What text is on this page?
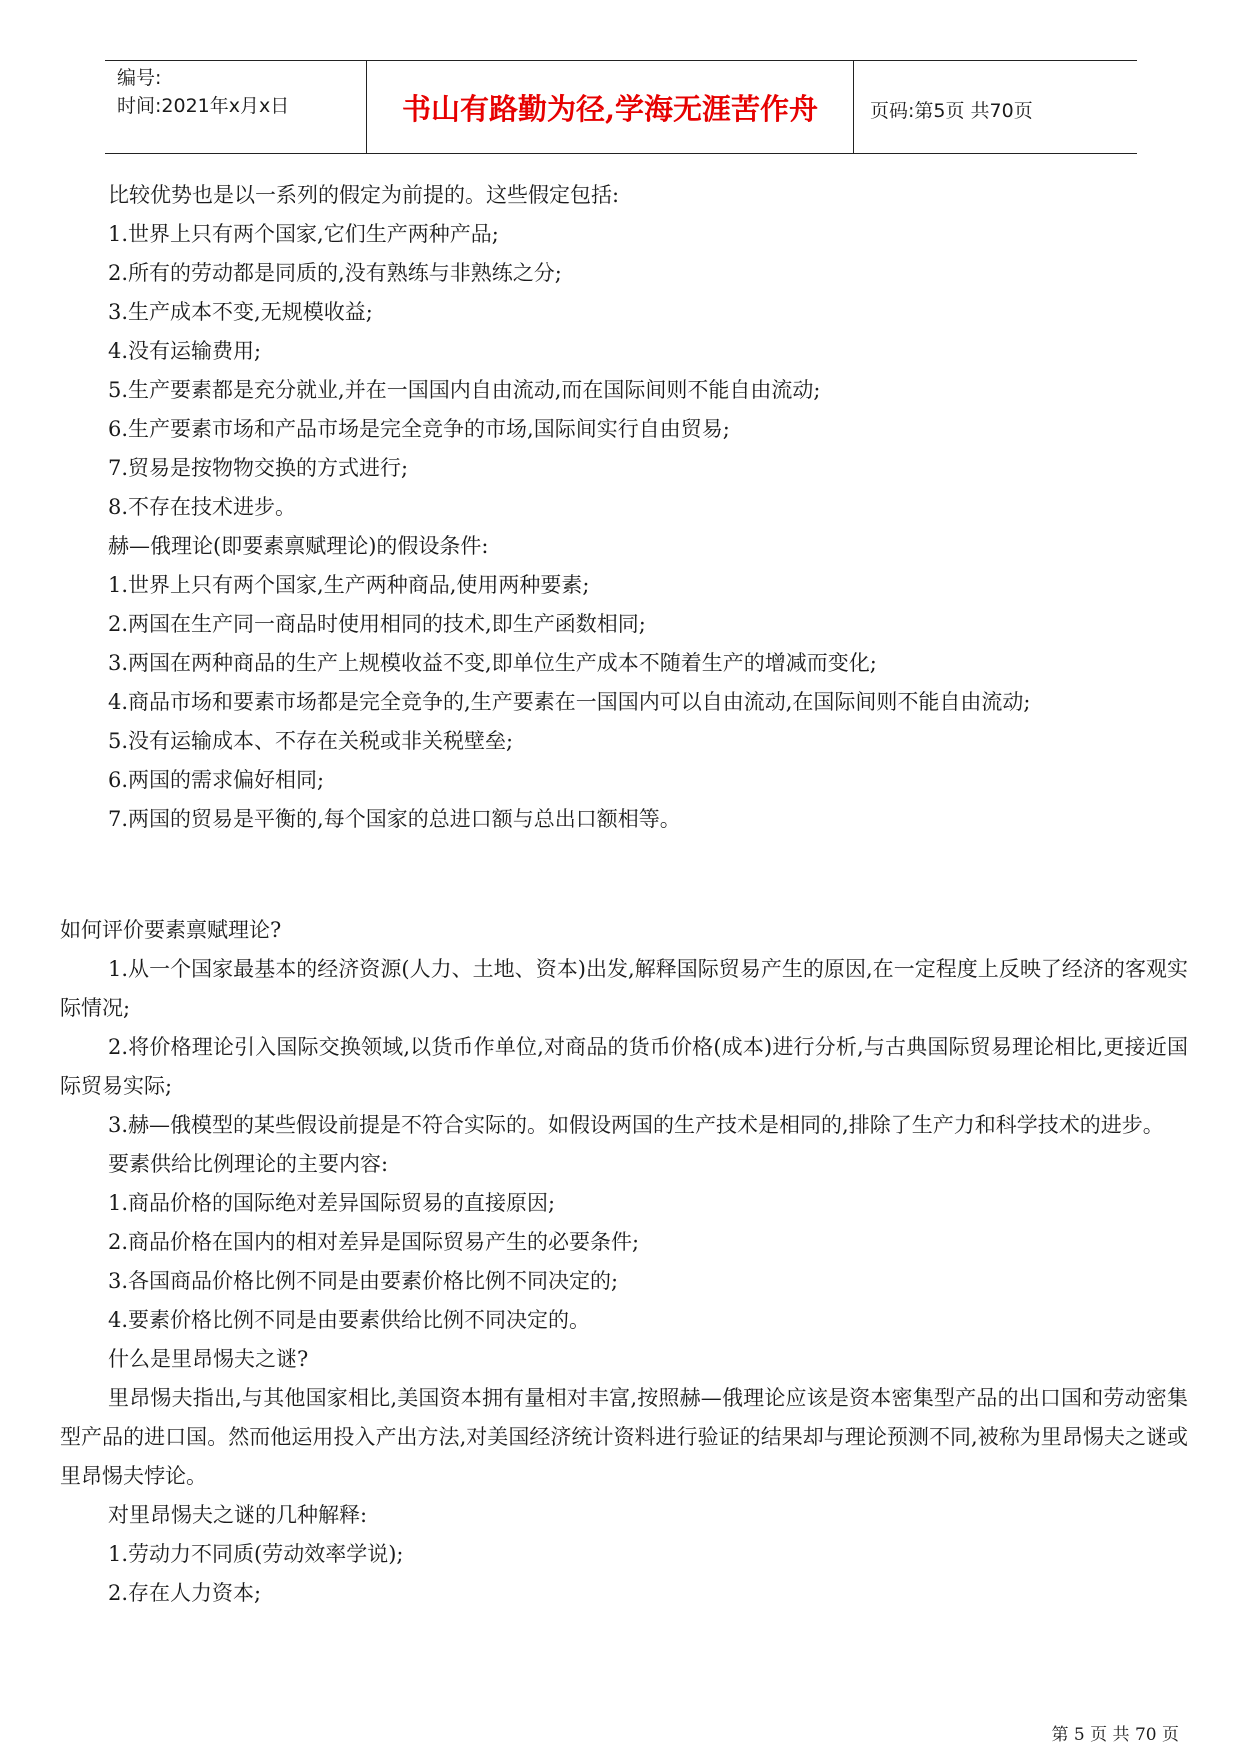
编号:
时间:2021年x月x日	书山有路勤为径,学海无涯苦作舟	页码:第5页 共70页

比较优势也是以一系列的假定为前提的。这些假定包括:

1.世界上只有两个国家,它们生产两种产品;

2.所有的劳动都是同质的,没有熟练与非熟练之分;

3.生产成本不变,无规模收益;

4.没有运输费用;

5.生产要素都是充分就业,并在一国国内自由流动,而在国际间则不能自由流动;

6.生产要素市场和产品市场是完全竞争的市场,国际间实行自由贸易;

7.贸易是按物物交换的方式进行;

8.不存在技术进步。

赫—俄理论(即要素禀赋理论)的假设条件:

1.世界上只有两个国家,生产两种商品,使用两种要素;

2.两国在生产同一商品时使用相同的技术,即生产函数相同;

3.两国在两种商品的生产上规模收益不变,即单位生产成本不随着生产的增减而变化;

4.商品市场和要素市场都是完全竞争的,生产要素在一国国内可以自由流动,在国际间则不能自由流动;

5.没有运输成本、不存在关税或非关税壁垒;

6.两国的需求偏好相同;

7.两国的贸易是平衡的,每个国家的总进口额与总出口额相等。

如何评价要素禀赋理论?

1.从一个国家最基本的经济资源(人力、土地、资本)出发,解释国际贸易产生的原因,在一定程度上反映了经济的客观实际情况;

2.将价格理论引入国际交换领域,以货币作单位,对商品的货币价格(成本)进行分析,与古典国际贸易理论相比,更接近国际贸易实际;

3.赫—俄模型的某些假设前提是不符合实际的。如假设两国的生产技术是相同的,排除了生产力和科学技术的进步。

要素供给比例理论的主要内容:

1.商品价格的国际绝对差异国际贸易的直接原因;

2.商品价格在国内的相对差异是国际贸易产生的必要条件;

3.各国商品价格比例不同是由要素价格比例不同决定的;

4.要素价格比例不同是由要素供给比例不同决定的。

什么是里昂惕夫之谜?

里昂惕夫指出,与其他国家相比,美国资本拥有量相对丰富,按照赫—俄理论应该是资本密集型产品的出口国和劳动密集型产品的进口国。然而他运用投入产出方法,对美国经济统计资料进行验证的结果却与理论预测不同,被称为里昂惕夫之谜或里昂惕夫悖论。

对里昂惕夫之谜的几种解释:

1.劳动力不同质(劳动效率学说);

2.存在人力资本;

第 5 页 共 70 页
